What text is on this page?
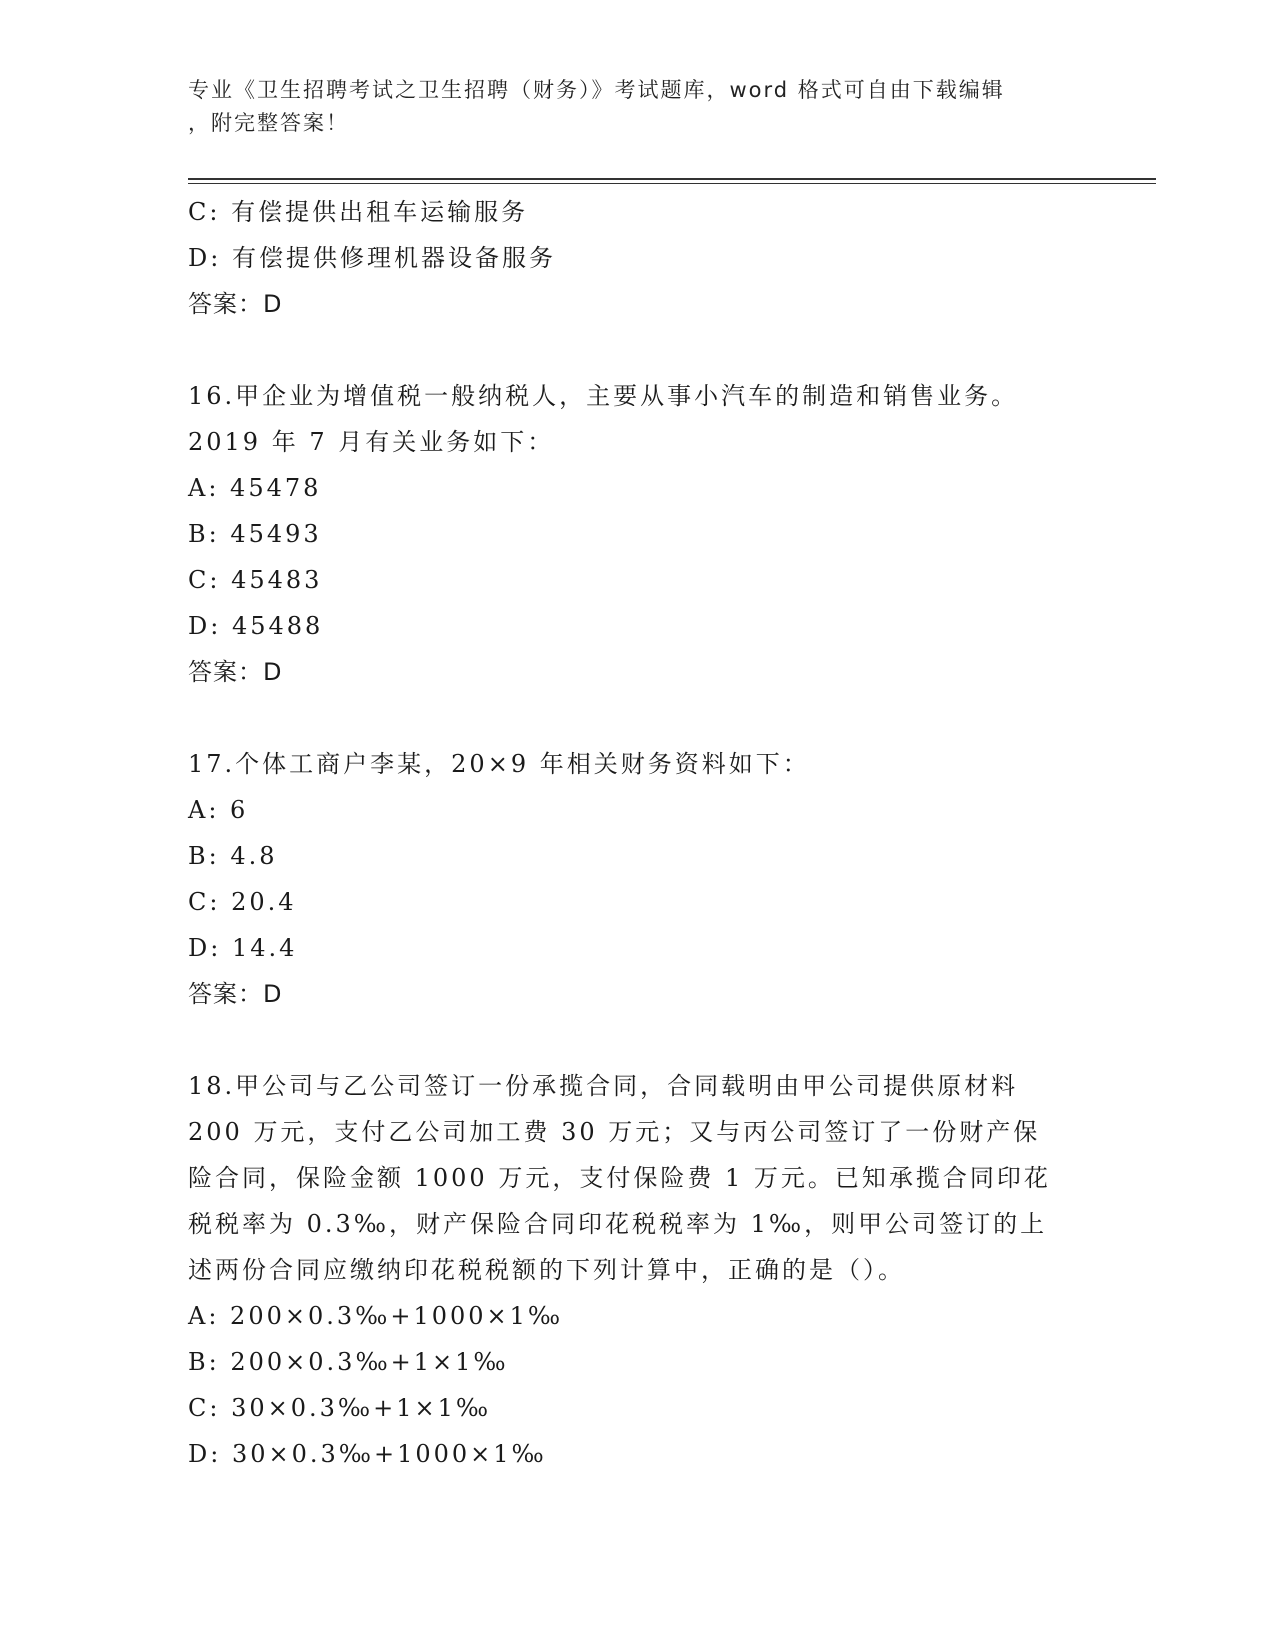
专业《卫生招聘考试之卫生招聘（财务）》考试题库，word 格式可自由下载编辑
，附完整答案！
C: 有偿提供出租车运输服务
D: 有偿提供修理机器设备服务
答案：D
16.甲企业为增值税一般纳税人，主要从事小汽车的制造和销售业务。
2019 年 7 月有关业务如下：
A: 45478
B: 45493
C: 45483
D: 45488
答案：D
17.个体工商户李某，20×9 年相关财务资料如下：
A: 6
B: 4.8
C: 20.4
D: 14.4
答案：D
18.甲公司与乙公司签订一份承揽合同，合同载明由甲公司提供原材料
200 万元，支付乙公司加工费 30 万元；又与丙公司签订了一份财产保
险合同，保险金额 1000 万元，支付保险费 1 万元。已知承揽合同印花
税税率为 0.3‰，财产保险合同印花税税率为 1‰，则甲公司签订的上
述两份合同应缴纳印花税税额的下列计算中，正确的是（）。
A: 200×0.3‰+1000×1‰
B: 200×0.3‰+1×1‰
C: 30×0.3‰+1×1‰
D: 30×0.3‰+1000×1‰
